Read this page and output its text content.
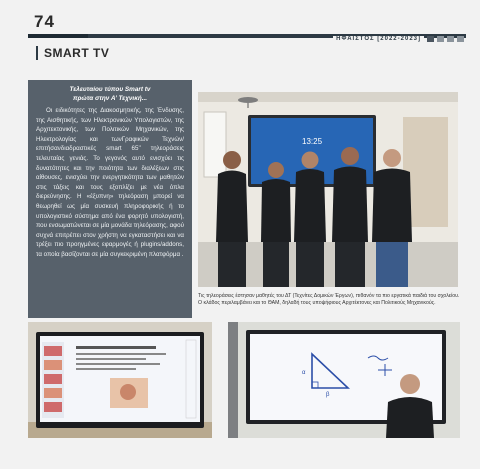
74
ΗΦΑΙΣΤΟΣ [2022-2023]
SMART TV
Τελευταίου τύπου Smart tv
πρώτα στην Α’ Τεχνική...
Οι ειδικότητες της Διακοσμητικής, της Ένδυσης, της Αισθητικής, των Ηλεκτρονικών Υπολογιστών, της Αρχιτεκτονικής, των Πολιτικών Μηχανικών, της Ηλεκτρολογίας και τωνΓραφικών Τεχνών/επιτήσανδιαδραστικές smart 65’’ τηλεοράσεις τελευταίας γενιάς. Το γεγονός αυτό ενισχύει τις δυνατότητες και την ποιότητα των διαλέξεων στις αίθουσες, ενισχύει την ενεργητικότητα των μαθητών στις τάξεις και τους εξοπλίζει με νέα όπλα διερεύνησης. Η «έξυπνη» τηλεόραση μπορεί να θεωρηθεί ως μία συσκευή πληροφορικής ή το υπολογιστικό σύστημα από ένα φορητό υπολογιστή, που ενσωματώνεται σε μία μονάδα τηλεόρασης, αφού συχνά επιτρέπει στον χρήστη να εγκαταστήσει και να τρέξει πιο προηγμένες εφαρμογές ή plugins/addons, τα οποία βασίζονται σε μία συγκεκριμένη πλατφόρμα .
13:25
Τις τηλεοράσεις έστησαν μαθητές του ΔΤ (Τεχνίτες Δομικών Έργων), πιθανόν τα πιο εργατικά παιδιά του σχολείου. Ο κλάδος περιλαμβάνει και το ΘΑΜ, δηλαδή τους υποψήφιους Αρχιτέκτονες και Πολιτικούς Μηχανικούς.
α
β
